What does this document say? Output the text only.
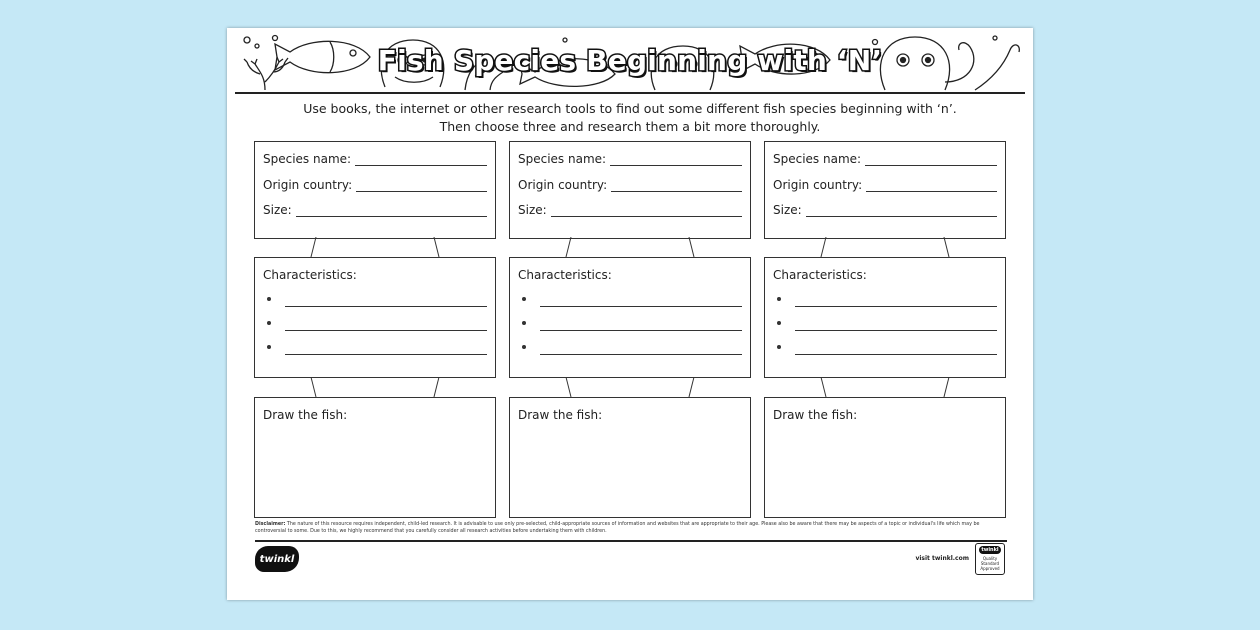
Fish Species Beginning with ‘N’
Use books, the internet or other research tools to find out some different fish species beginning with ‘n’.
Then choose three and research them a bit more thoroughly.
Species name:
Origin country:
Size:
Characteristics:
Draw the fish:
Species name:
Origin country:
Size:
Characteristics:
Draw the fish:
Species name:
Origin country:
Size:
Characteristics:
Draw the fish:
Disclaimer: The nature of this resource requires independent, child-led research. It is advisable to use only pre-selected, child-appropriate sources of information and websites that are appropriate to their age. Please also be aware that there may be aspects of a topic or individual's life which may be controversial to some. Due to this, we highly recommend that you carefully consider all research activities before undertaking them with children.
twinkl	visit twinkl.com
twinkl
Quality Standard Approved
